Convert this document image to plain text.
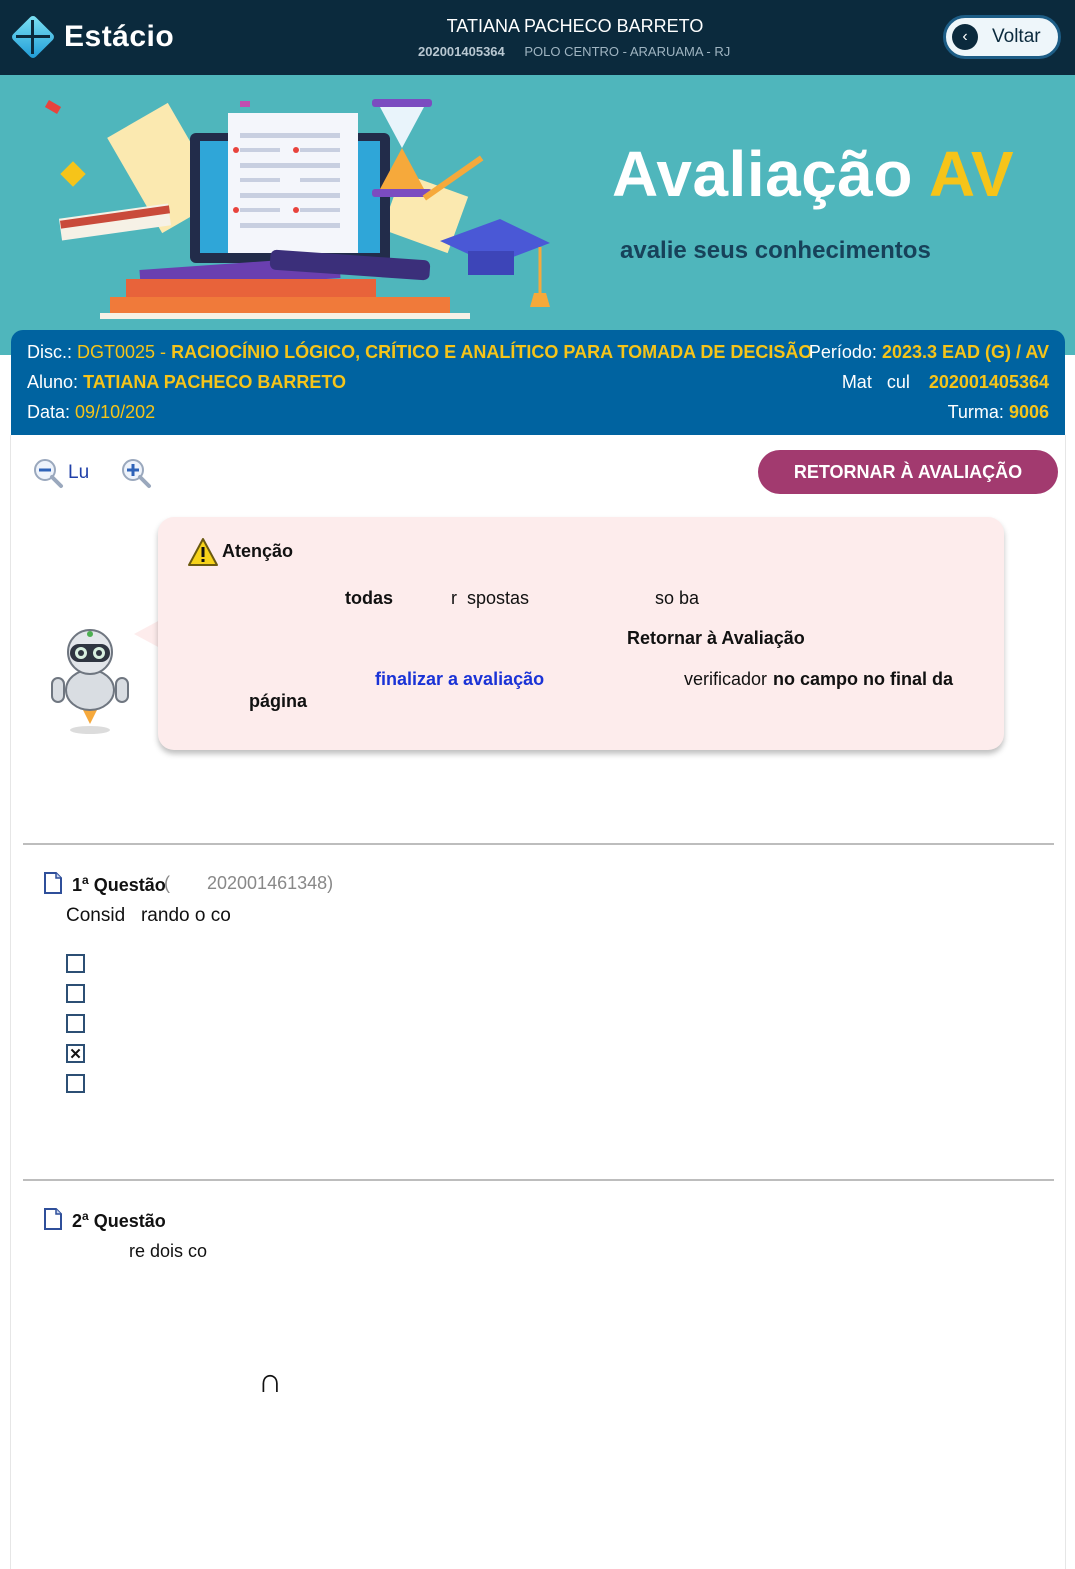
Estácio	TATIANA PACHECO BARRETO
202001405364 POLO CENTRO - ARARUAMA - RJ
‹	Voltar
Avaliação AV
avalie seus conhecimentos
Disc.: DGT0025 - RACIOCÍNIO LÓGICO, CRÍTICO E ANALÍTICO PARA TOMADA DE DECISÃO
Período: 2023.3 EAD (G) / AV
Aluno: TATIANA PACHECO BARRETO	Mat   cul 202001405364
Data: 09/10/202	Turma: 9006
Lu	RETORNAR À AVALIAÇÃO
Atenção
todas	r  spostas	so ba
Retornar à Avaliação
finalizar a avaliação	verificador no campo no final da
página
1$^a$ Questão
( 202001461348)
Consid   rando o co
✕
2$^a$ Questão
re dois co
∩
